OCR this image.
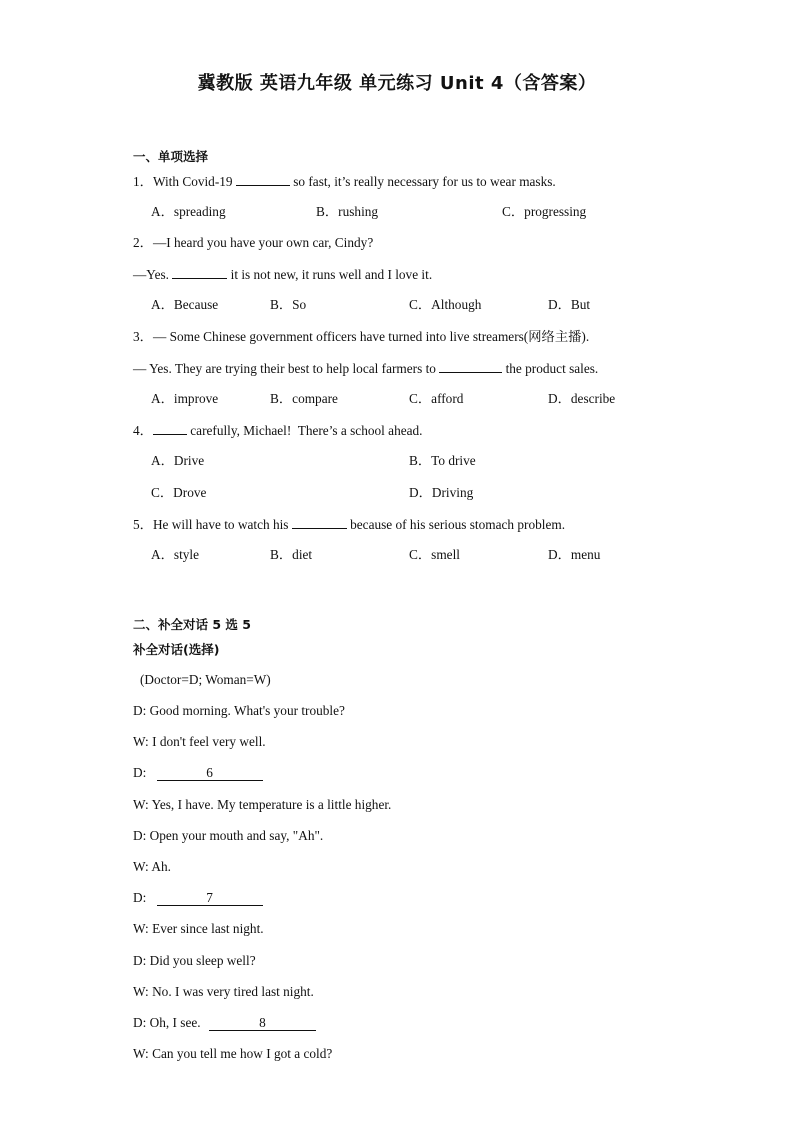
冀教版 英语九年级 单元练习 Unit 4（含答案）
一、单项选择
1．With Covid-19	so fast, it’s really necessary for us to wear masks.
A．spreading	B．rushing	C．progressing
2．—I heard you have your own car, Cindy?
—Yes.	it is not new, it runs well and I love it.
A．Because	B．So	C．Although	D．But
3．— Some Chinese government officers have turned into live streamers(网络主播).
— Yes. They are trying their best to help local farmers to	the product sales.
A．improve	B．compare	C．afford	D．describe
4．	carefully, Michael!  There’s a school ahead.
A．Drive	B．To drive
C．Drove	D．Driving
5．He will have to watch his	because of his serious stomach problem.
A．style	B．diet	C．smell	D．menu
二、补全对话 5 选 5
补全对话(选择)
(Doctor=D; Woman=W)
D: Good morning. What's your trouble?
W: I don't feel very well.
D:	6
W: Yes, I have. My temperature is a little higher.
D: Open your mouth and say, "Ah".
W: Ah.
D:	7
W: Ever since last night.
D: Did you sleep well?
W: No. I was very tired last night.
D: Oh, I see.	8
W: Can you tell me how I got a cold?
